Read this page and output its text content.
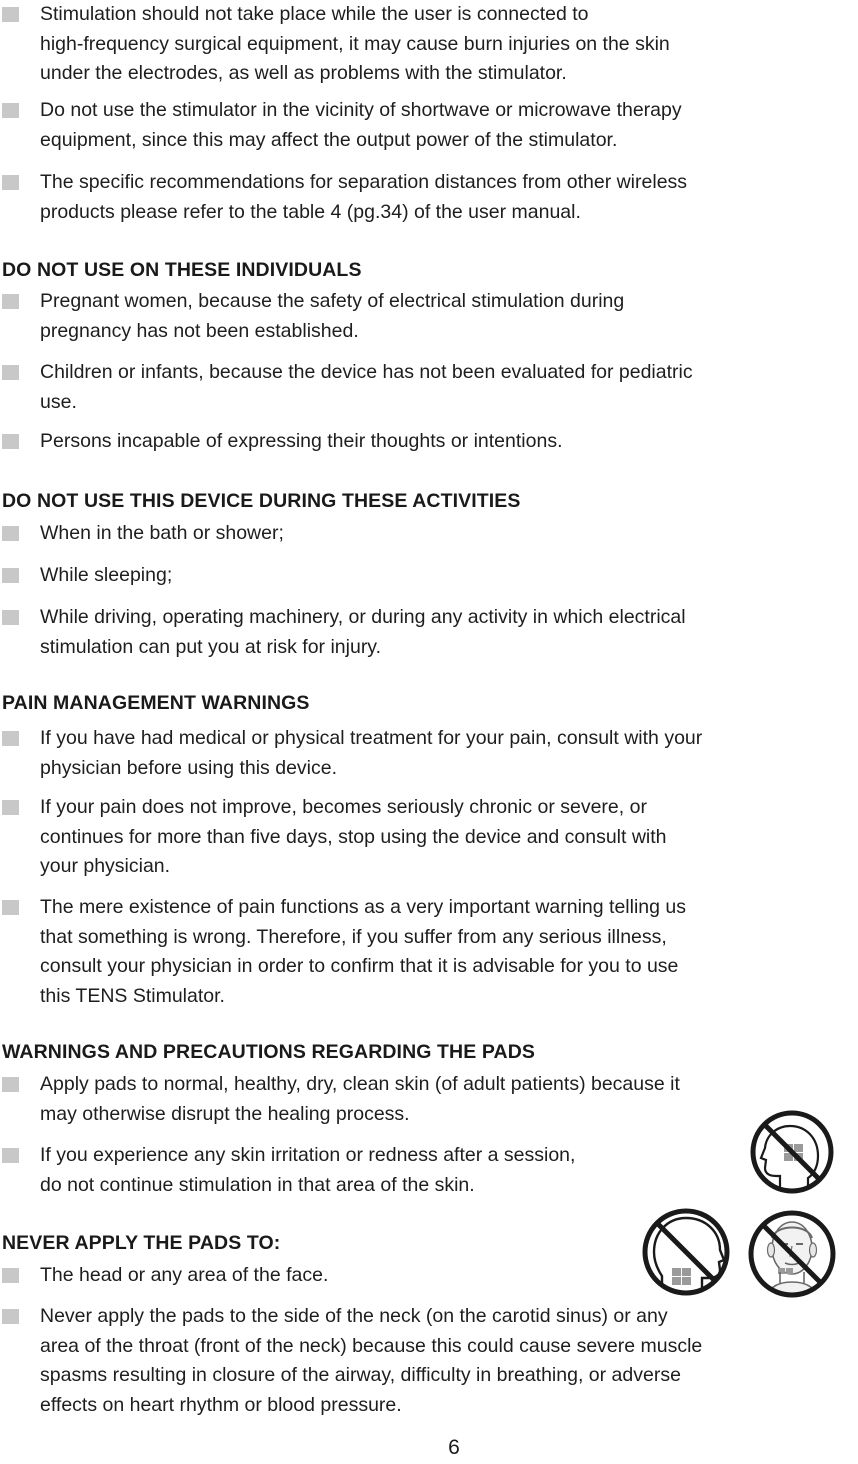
Stimulation should not take place while the user is connected to
high-frequency surgical equipment, it may cause burn injuries on the skin
under the electrodes, as well as problems with the stimulator.
Do not use the stimulator in the vicinity of shortwave or microwave therapy
equipment, since this may affect the output power of the stimulator.
The specific recommendations for separation distances from other wireless
products please refer to the table 4 (pg.34) of the user manual.
DO NOT USE ON THESE INDIVIDUALS
Pregnant women, because the safety of electrical stimulation during
pregnancy has not been established.
Children or infants, because the device has not been evaluated for pediatric
use.
Persons incapable of expressing their thoughts or intentions.
DO NOT USE THIS DEVICE DURING THESE ACTIVITIES
When in the bath or shower;
While sleeping;
While driving, operating machinery, or during any activity in which electrical
stimulation can put you at risk for injury.
PAIN MANAGEMENT WARNINGS
If you have had medical or physical treatment for your pain, consult with your
physician before using this device.
If your pain does not improve, becomes seriously chronic or severe, or
continues for more than five days, stop using the device and consult with
your physician.
The mere existence of pain functions as a very important warning telling us
that something is wrong. Therefore, if you suffer from any serious illness,
consult your physician in order to confirm that it is advisable for you to use
this TENS Stimulator.
WARNINGS AND PRECAUTIONS REGARDING THE PADS
Apply pads to normal, healthy, dry, clean skin (of adult patients) because it
may otherwise disrupt the healing process.
If you experience any skin irritation or redness after a session,
do not continue stimulation in that area of the skin.
NEVER APPLY THE PADS TO:
The head or any area of the face.
Never apply the pads to the side of the neck (on the carotid sinus) or any
area of the throat (front of the neck) because this could cause severe muscle
spasms resulting in closure of the airway, difficulty in breathing, or adverse
effects on heart rhythm or blood pressure.
6
